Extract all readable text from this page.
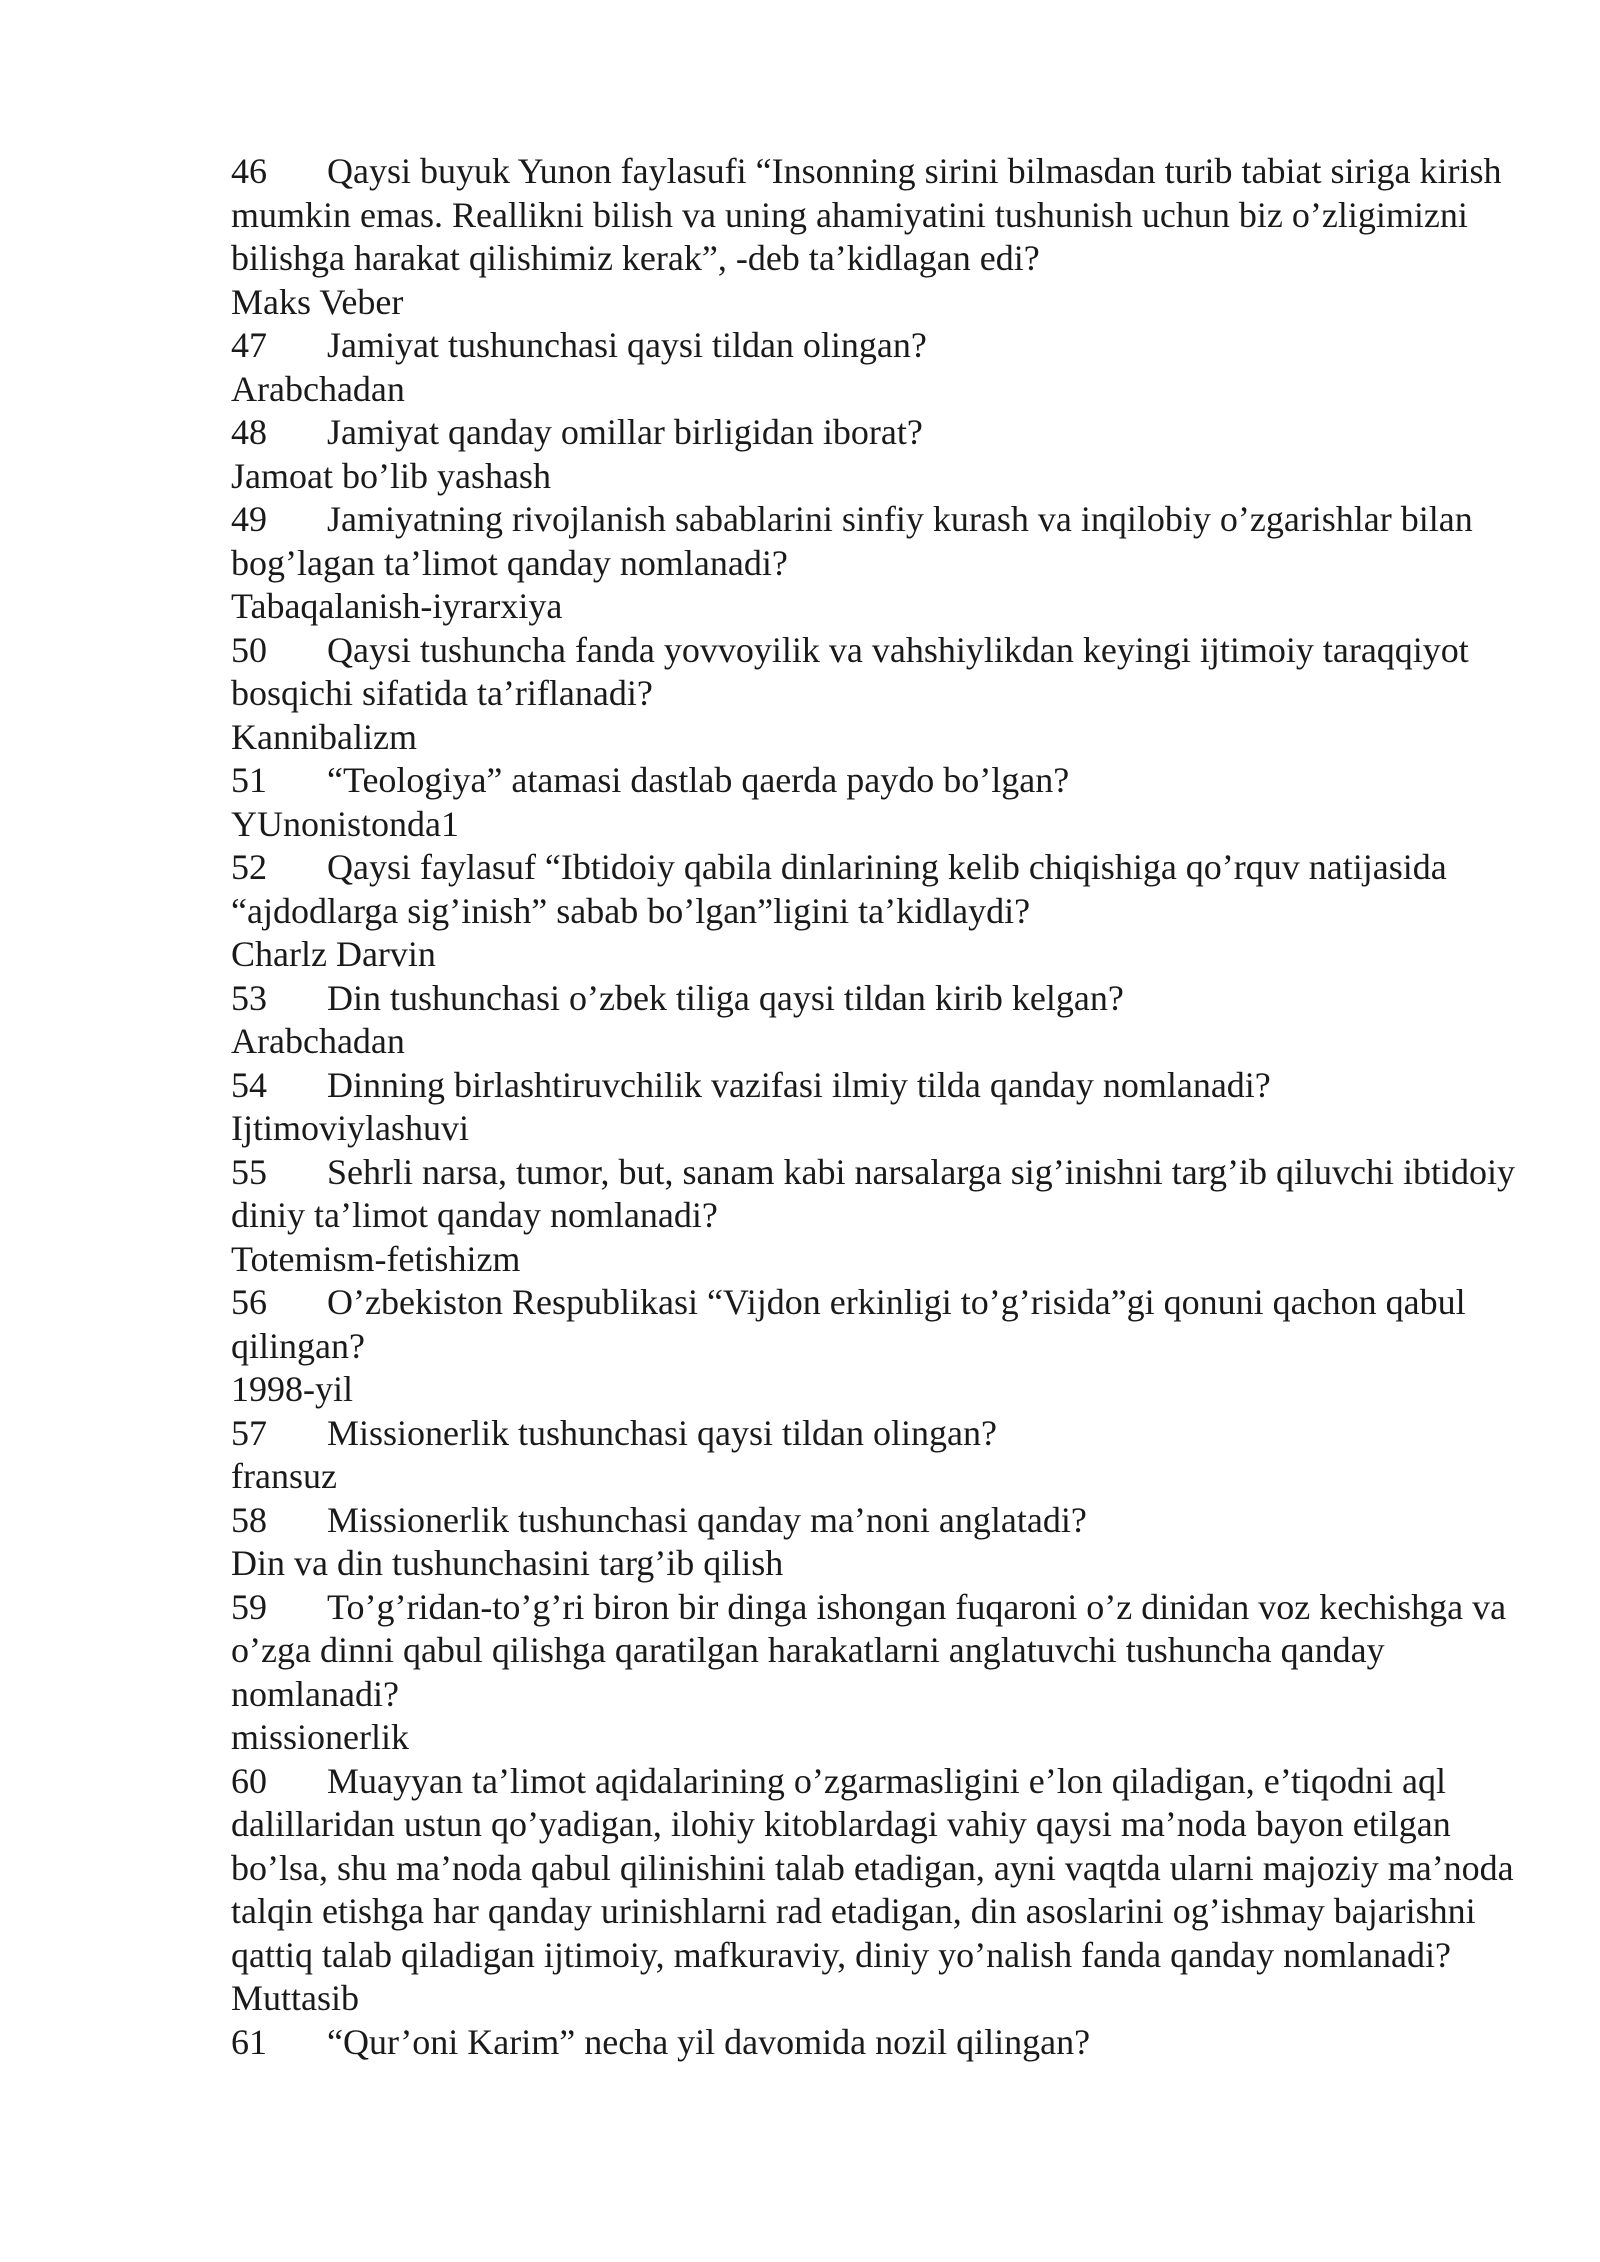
46 Qaysi buyuk Yunon faylasufi “Insonning sirini bilmasdan turib tabiat siriga kirish mumkin emas. Reallikni bilish va uning ahamiyatini tushunish uchun biz o’zligimizni bilishga harakat qilishimiz kerak”, -deb ta’kidlagan edi?
Maks Veber
47 Jamiyat tushunchasi qaysi tildan olingan?
Arabchadan
48 Jamiyat qanday omillar birligidan iborat?
Jamoat bo’lib yashash
49 Jamiyatning rivojlanish sabablarini sinfiy kurash va inqilobiy o’zgarishlar bilan bog’lagan ta’limot qanday nomlanadi?
Tabaqalanish-iyrarxiya
50 Qaysi tushuncha fanda yovvoyilik va vahshiylikdan keyingi ijtimoiy taraqqiyot bosqichi sifatida ta’riflanadi?
Kannibalizm
51 “Teologiya” atamasi dastlab qaerda paydo bo’lgan?
YUnonistonda1
52 Qaysi faylasuf “Ibtidoiy qabila dinlarining kelib chiqishiga qo’rquv natijasida “ajdodlarga sig’inish” sabab bo’lgan”ligini ta’kidlaydi?
Charlz Darvin
53 Din tushunchasi o’zbek tiliga qaysi tildan kirib kelgan?
Arabchadan
54 Dinning birlashtiruvchilik vazifasi ilmiy tilda qanday nomlanadi?
Ijtimoviylashuvi
55 Sehrli narsa, tumor, but, sanam kabi narsalarga sig’inishni targ’ib qiluvchi ibtidoiy diniy ta’limot qanday nomlanadi?
Totemism-fetishizm
56 O’zbekiston Respublikasi “Vijdon erkinligi to’g’risida”gi qonuni qachon qabul qilingan?
1998-yil
57 Missionerlik tushunchasi qaysi tildan olingan?
fransuz
58 Missionerlik tushunchasi qanday ma’noni anglatadi?
Din va din tushunchasini targ’ib qilish
59 To’g’ridan-to’g’ri biron bir dinga ishongan fuqaroni o’z dinidan voz kechishga va o’zga dinni qabul qilishga qaratilgan harakatlarni anglatuvchi tushuncha qanday nomlanadi?
missionerlik
60 Muayyan ta’limot aqidalarining o’zgarmasligini e’lon qiladigan, e’tiqodni aql dalillaridan ustun qo’yadigan, ilohiy kitoblardagi vahiy qaysi ma’noda bayon etilgan bo’lsa, shu ma’noda qabul qilinishini talab etadigan, ayni vaqtda ularni majoziy ma’noda talqin etishga har qanday urinishlarni rad etadigan, din asoslarini og’ishmay bajarishni qattiq talab qiladigan ijtimoiy, mafkuraviy, diniy yo’nalish fanda qanday nomlanadi?
Muttasib
61 “Qur’oni Karim” necha yil davomida nozil qilingan?
